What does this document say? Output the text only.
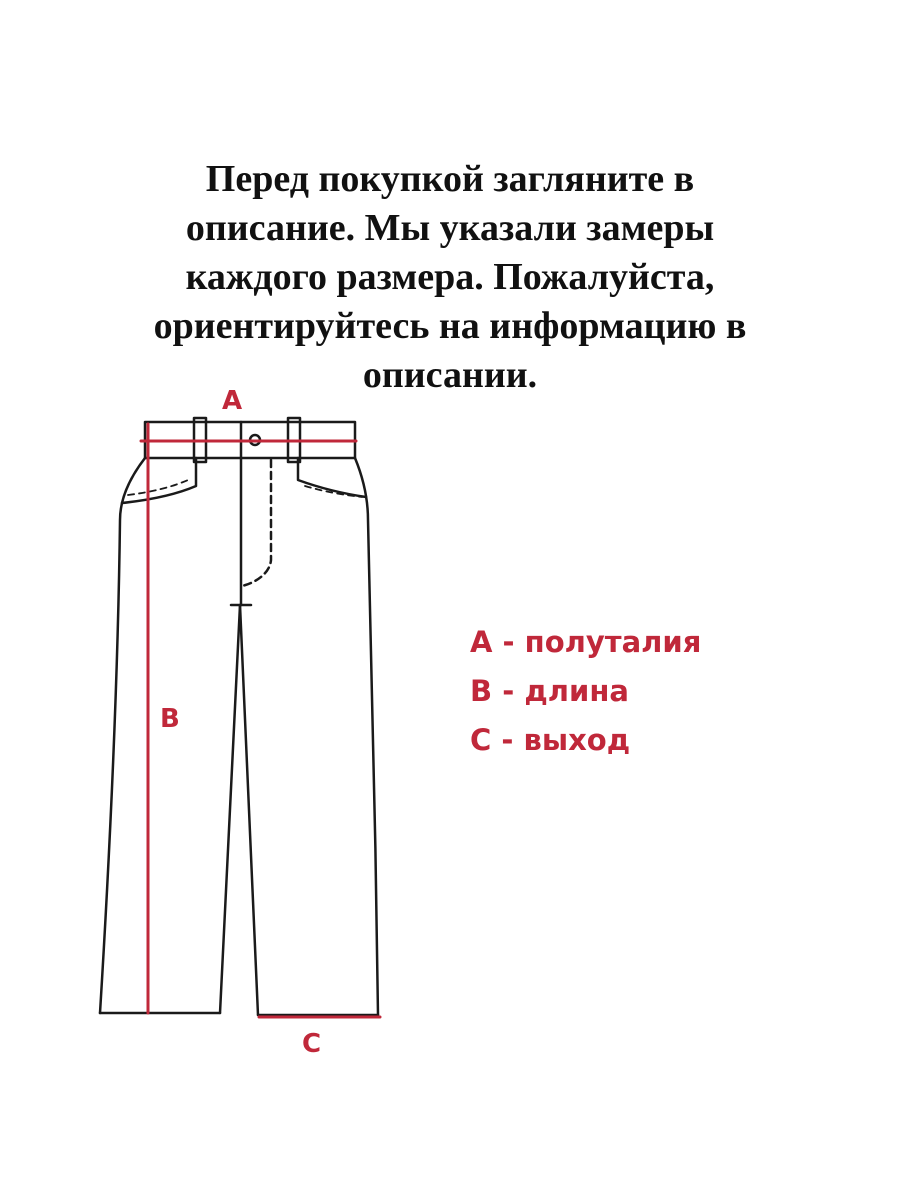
Перед покупкой загляните в
описание. Мы указали замеры
каждого размера. Пожалуйста,
ориентируйтесь на информацию в
описании.

A
B
C
A - полуталия
B - длина
C - выход
